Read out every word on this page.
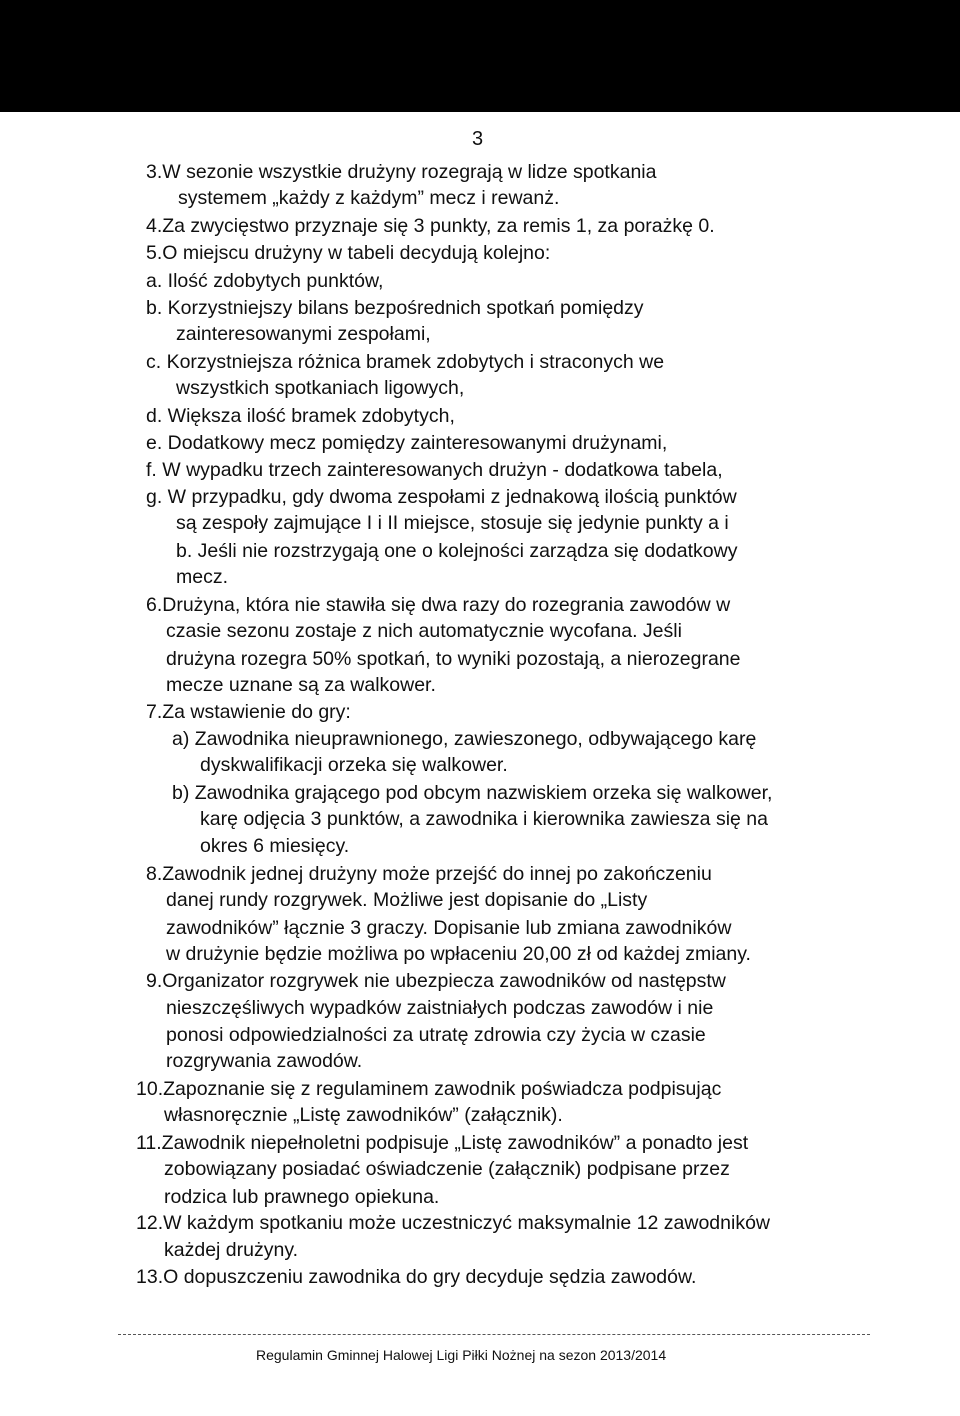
3
3.W sezonie wszystkie drużyny rozegrają w lidze spotkania
systemem „każdy z każdym” mecz i rewanż.
4.Za zwycięstwo przyznaje się 3 punkty, za remis 1, za porażkę 0.
5.O miejscu drużyny w tabeli decydują kolejno:
a. Ilość zdobytych punktów,
b. Korzystniejszy bilans bezpośrednich spotkań pomiędzy
zainteresowanymi zespołami,
c. Korzystniejsza różnica bramek zdobytych i straconych we
wszystkich spotkaniach ligowych,
d. Większa ilość bramek zdobytych,
e. Dodatkowy mecz pomiędzy zainteresowanymi drużynami,
f. W wypadku trzech zainteresowanych drużyn - dodatkowa tabela,
g. W przypadku, gdy dwoma zespołami z jednakową ilością punktów
są zespoły zajmujące I i II miejsce, stosuje się jedynie punkty a i
b. Jeśli nie rozstrzygają one o kolejności zarządza się dodatkowy
mecz.
6.Drużyna, która nie stawiła się dwa razy do rozegrania zawodów w
czasie sezonu zostaje z nich automatycznie wycofana. Jeśli
drużyna rozegra 50% spotkań, to wyniki pozostają, a nierozegrane
mecze uznane są za walkower.
7.Za wstawienie do gry:
a) Zawodnika nieuprawnionego, zawieszonego, odbywającego karę
dyskwalifikacji orzeka się walkower.
b) Zawodnika grającego pod obcym nazwiskiem orzeka się walkower,
karę odjęcia 3 punktów, a zawodnika i kierownika zawiesza się na
okres 6 miesięcy.
8.Zawodnik jednej drużyny może przejść do innej po zakończeniu
danej rundy rozgrywek. Możliwe jest dopisanie do „Listy
zawodników” łącznie 3 graczy. Dopisanie lub zmiana zawodników
w drużynie będzie możliwa po wpłaceniu 20,00 zł od każdej zmiany.
9.Organizator rozgrywek nie ubezpiecza zawodników od następstw
nieszczęśliwych wypadków zaistniałych podczas zawodów i nie
ponosi odpowiedzialności za utratę zdrowia czy życia w czasie
rozgrywania zawodów.
10.Zapoznanie się z regulaminem zawodnik poświadcza podpisując
własnoręcznie „Listę zawodników” (załącznik).
11.Zawodnik niepełnoletni podpisuje „Listę zawodników” a ponadto jest
zobowiązany posiadać oświadczenie (załącznik) podpisane przez
rodzica lub prawnego opiekuna.
12.W każdym spotkaniu może uczestniczyć maksymalnie 12 zawodników
każdej drużyny.
13.O dopuszczeniu zawodnika do gry decyduje sędzia zawodów.
Regulamin Gminnej Halowej Ligi Piłki Nożnej na sezon 2013/2014
